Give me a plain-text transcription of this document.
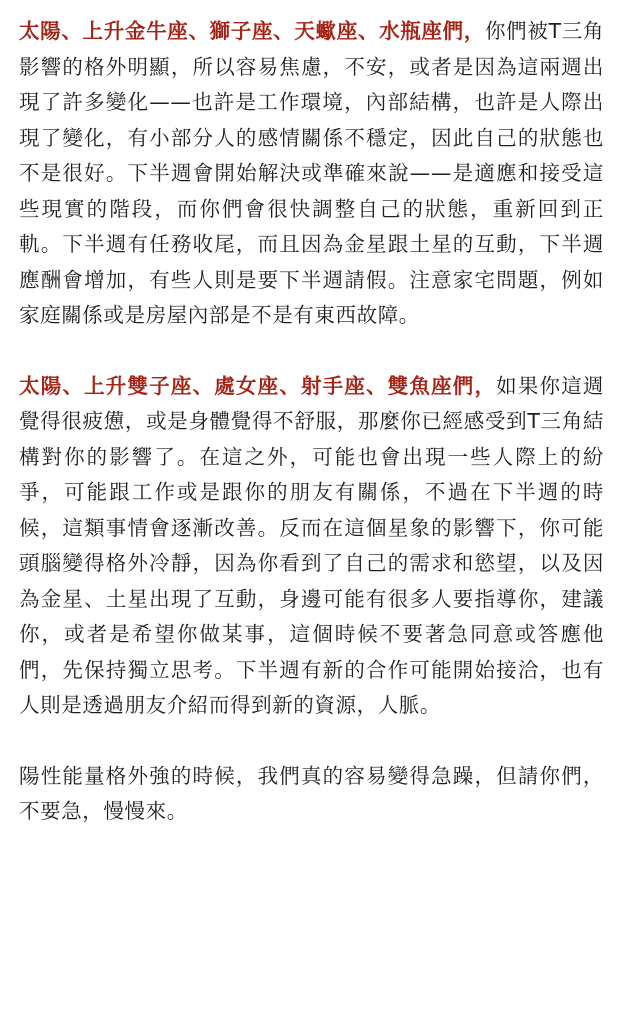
太陽、上升金牛座、獅子座、天蠍座、水瓶座們，你們被T三角影響的格外明顯，所以容易焦慮，不安，或者是因為這兩週出現了許多變化——也許是工作環境，內部結構，也許是人際出現了變化，有小部分人的感情關係不穩定，因此自己的狀態也不是很好。下半週會開始解決或準確來說——是適應和接受這些現實的階段，而你們會很快調整自己的狀態，重新回到正軌。下半週有任務收尾，而且因為金星跟土星的互動，下半週應酬會增加，有些人則是要下半週請假。注意家宅問題，例如家庭關係或是房屋內部是不是有東西故障。

太陽、上升雙子座、處女座、射手座、雙魚座們，如果你這週覺得很疲憊，或是身體覺得不舒服，那麼你已經感受到T三角結構對你的影響了。在這之外，可能也會出現一些人際上的紛爭，可能跟工作或是跟你的朋友有關係，不過在下半週的時候，這類事情會逐漸改善。反而在這個星象的影響下，你可能頭腦變得格外冷靜，因為你看到了自己的需求和慾望，以及因為金星、土星出現了互動，身邊可能有很多人要指導你，建議你，或者是希望你做某事，這個時候不要著急同意或答應他們，先保持獨立思考。下半週有新的合作可能開始接洽，也有人則是透過朋友介紹而得到新的資源，人脈。

陽性能量格外強的時候，我們真的容易變得急躁，但請你們，不要急，慢慢來。
